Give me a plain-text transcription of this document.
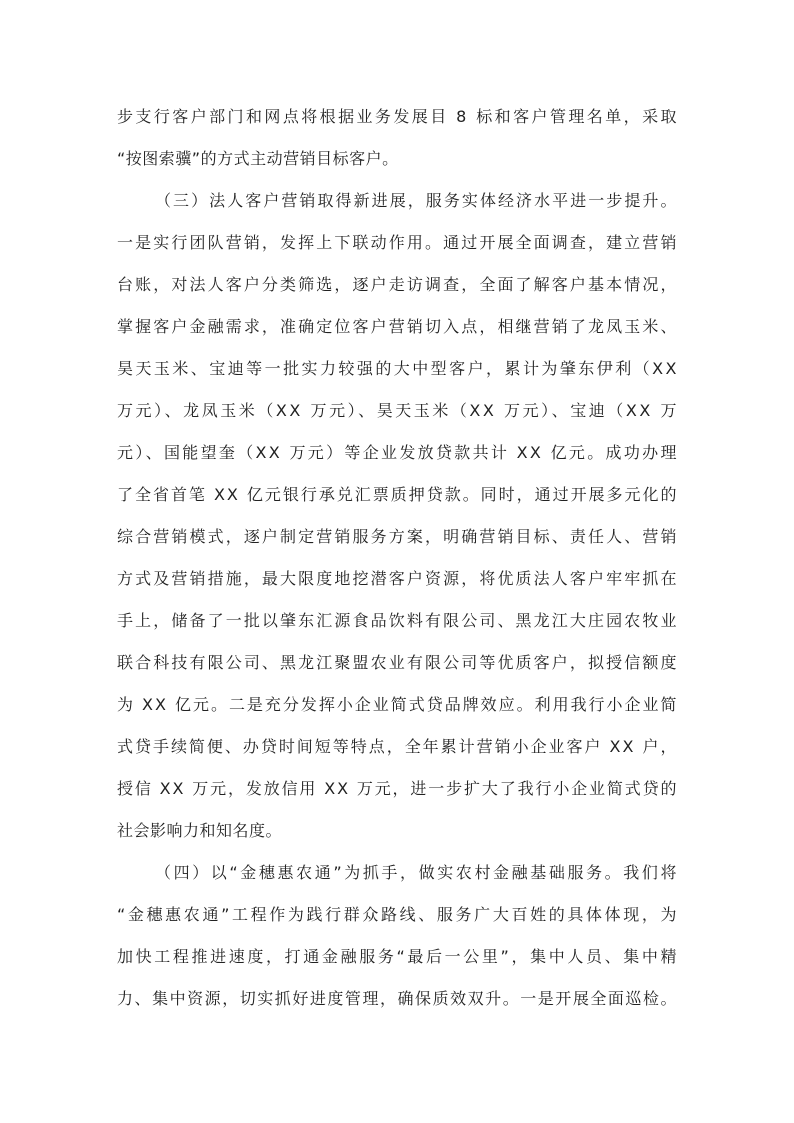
步支行客户部门和网点将根据业务发展目 8 标和客户管理名单，采取
“按图索骥”的方式主动营销目标客户。
（三）法人客户营销取得新进展，服务实体经济水平进一步提升。
一是实行团队营销，发挥上下联动作用。通过开展全面调查，建立营销
台账，对法人客户分类筛选，逐户走访调查，全面了解客户基本情况，
掌握客户金融需求，准确定位客户营销切入点，相继营销了龙凤玉米、
昊天玉米、宝迪等一批实力较强的大中型客户，累计为肇东伊利（XX
万元）、龙凤玉米（XX 万元）、昊天玉米（XX 万元）、宝迪（XX 万
元）、国能望奎（XX 万元）等企业发放贷款共计 XX 亿元。成功办理
了全省首笔 XX 亿元银行承兑汇票质押贷款。同时，通过开展多元化的
综合营销模式，逐户制定营销服务方案，明确营销目标、责任人、营销
方式及营销措施，最大限度地挖潜客户资源，将优质法人客户牢牢抓在
手上，储备了一批以肇东汇源食品饮料有限公司、黑龙江大庄园农牧业
联合科技有限公司、黑龙江聚盟农业有限公司等优质客户，拟授信额度
为 XX 亿元。二是充分发挥小企业简式贷品牌效应。利用我行小企业简
式贷手续简便、办贷时间短等特点，全年累计营销小企业客户 XX 户，
授信 XX 万元，发放信用 XX 万元，进一步扩大了我行小企业简式贷的
社会影响力和知名度。
（四）以“金穗惠农通”为抓手，做实农村金融基础服务。我们将
“金穗惠农通”工程作为践行群众路线、服务广大百姓的具体体现，为
加快工程推进速度，打通金融服务“最后一公里”，集中人员、集中精
力、集中资源，切实抓好进度管理，确保质效双升。一是开展全面巡检。
